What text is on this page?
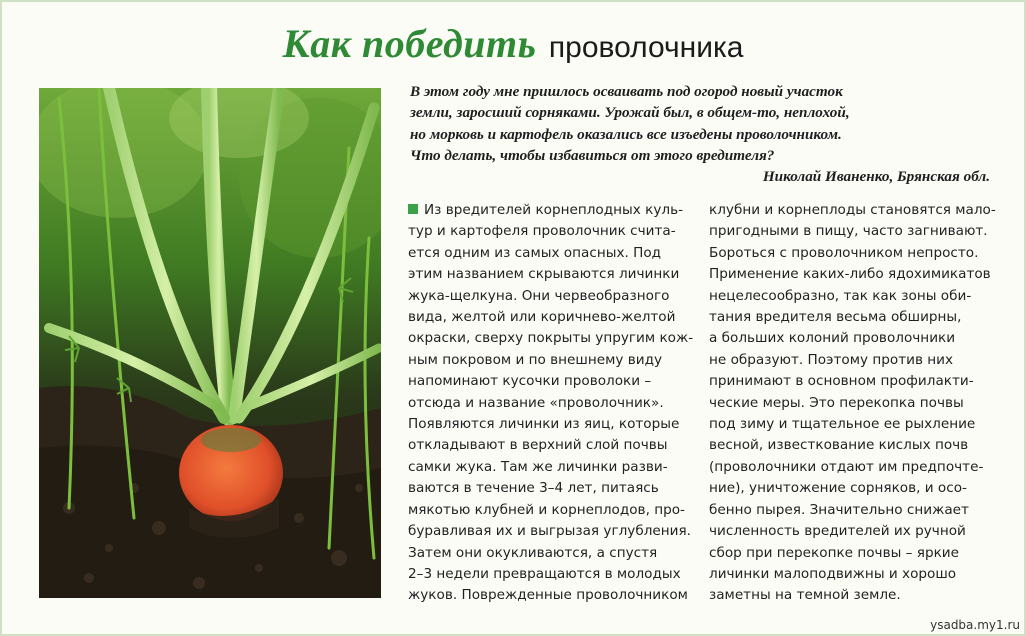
Как победить проволочника
В этом году мне пришлось осваивать под огород новый участок
земли, заросший сорняками. Урожай был, в общем-то, неплохой,
но морковь и картофель оказались все изъедены проволочником.
Что делать, чтобы избавиться от этого вредителя?
Николай Иваненко, Брянская обл.
Из вредителей корнеплодных куль-
тур и картофеля проволочник счита-
ется одним из самых опасных. Под
этим названием скрываются личинки
жука-щелкуна. Они червеобразного
вида, желтой или коричнево-желтой
окраски, сверху покрыты упругим кож-
ным покровом и по внешнему виду
напоминают кусочки проволоки –
отсюда и название «проволочник».
Появляются личинки из яиц, которые
откладывают в верхний слой почвы
самки жука. Там же личинки разви-
ваются в течение 3–4 лет, питаясь
мякотью клубней и корнеплодов, про-
буравливая их и выгрызая углубления.
Затем они окукливаются, а спустя
2–3 недели превращаются в молодых
жуков. Поврежденные проволочником
клубни и корнеплоды становятся мало-
пригодными в пищу, часто загнивают.
Бороться с проволочником непросто.
Применение каких-либо ядохимикатов
нецелесообразно, так как зоны оби-
тания вредителя весьма обширны,
а больших колоний проволочники
не образуют. Поэтому против них
принимают в основном профилакти-
ческие меры. Это перекопка почвы
под зиму и тщательное ее рыхление
весной, известкование кислых почв
(проволочники отдают им предпочте-
ние), уничтожение сорняков, и осо-
бенно пырея. Значительно снижает
численность вредителей их ручной
сбор при перекопке почвы – яркие
личинки малоподвижны и хорошо
заметны на темной земле.
ysadba.my1.ru
